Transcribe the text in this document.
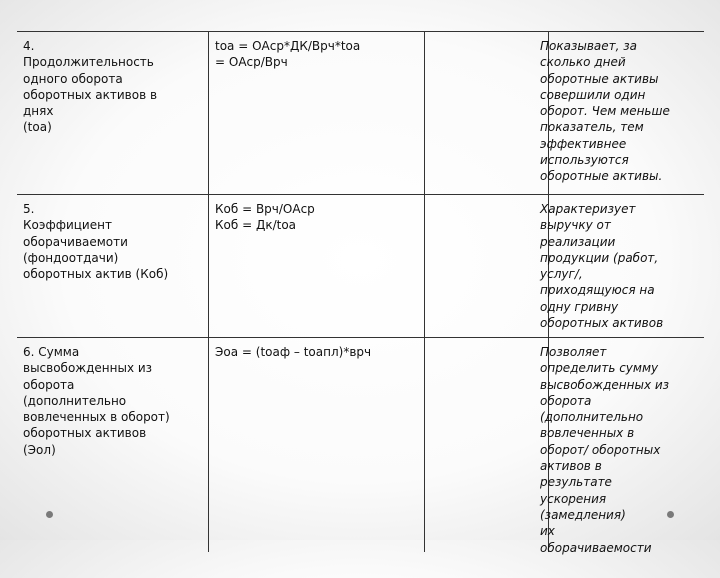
4.
Продолжительность
одного оборота
оборотных активов в
днях
(toa)
toa = ОАср*ДК/Врч*toa
= ОАср/Врч
Показывает, за
сколько дней
оборотные активы
совершили один
оборот. Чем меньше
показатель, тем
эффективнее
используются
оборотные активы.
5.
Коэффициент
оборачиваемоти
(фондоотдачи)
оборотных актив (Коб)
Коб = Врч/ОАср
Коб = Дк/toa
Характеризует
выручку от
реализации
продукции (работ,
услуг/,
приходящуюся на
одну гривну
оборотных активов
6. Сумма
высвобожденных из
оборота
(дополнительно
вовлеченных в оборот)
оборотных активов
(Эол)
Эоа = (toaф – toaпл)*врч	Позволяет
определить сумму
высвобожденных из
оборота
(дополнительно
вовлеченных в
оборот/ оборотных
активов в
результате
ускорения
(замедления)
их
оборачиваемости
